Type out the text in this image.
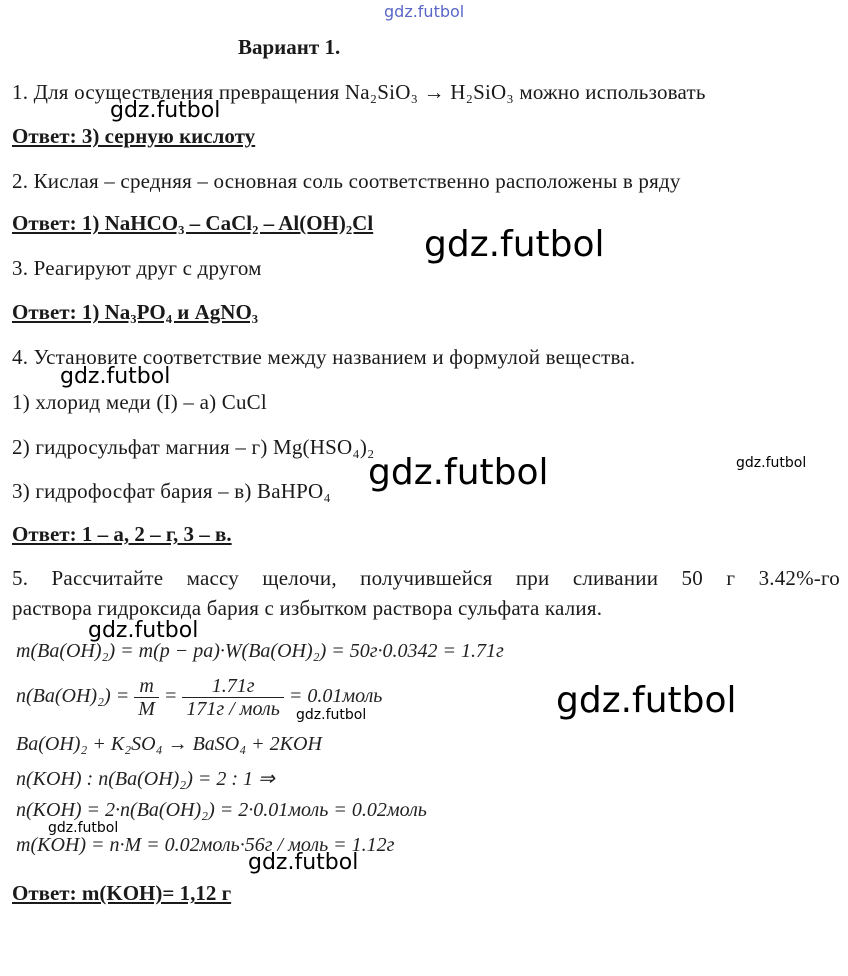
gdz.futbol
Вариант 1.
1. Для осуществления превращения Na₂SiO₃ → H₂SiO₃ можно использовать
gdz.futbol
Ответ: 3) серную кислоту
2. Кислая – средняя – основная соль соответственно расположены в ряду
Ответ: 1) NaHCO₃ – CaCl₂ – Al(OH)₂Cl
gdz.futbol
3. Реагируют друг с другом
Ответ: 1) Na₃PO₄ и AgNO₃
4. Установите соответствие между названием и формулой вещества.
gdz.futbol
1) хлорид меди (I) – а) CuCl
2) гидросульфат магния – г) Mg(HSO₄)₂
gdz.futbol	gdz.futbol
3) гидрофосфат бария – в) BaHPO₄
Ответ: 1 – а, 2 – г, 3 – в.
5. Рассчитайте массу щелочи, получившейся при сливании 50 г 3.42%-го
раствора гидроксида бария с избытком раствора сульфата калия.
gdz.futbol
m(Ba(OH)₂) = m(p − pa)·W(Ba(OH)₂) = 50г·0.0342 = 1.71г
$n(Ba(OH)_2) = \frac{m}{M} = \frac{1.71г}{\text{171г / моль}}$ = 0.01моль
gdz.futbol	gdz.futbol
Ba(OH)₂ + K₂SO₄ → BaSO₄ + 2KOH
n(KOH) : n(Ba(OH)₂) = 2 : 1 ⇒
n(KOH) = 2·n(Ba(OH)₂) = 2·0.01моль = 0.02моль
gdz.futbol
m(KOH) = n·M = 0.02моль·56г / моль = 1.12г
gdz.futbol
Ответ: m(KOH)= 1,12 г
